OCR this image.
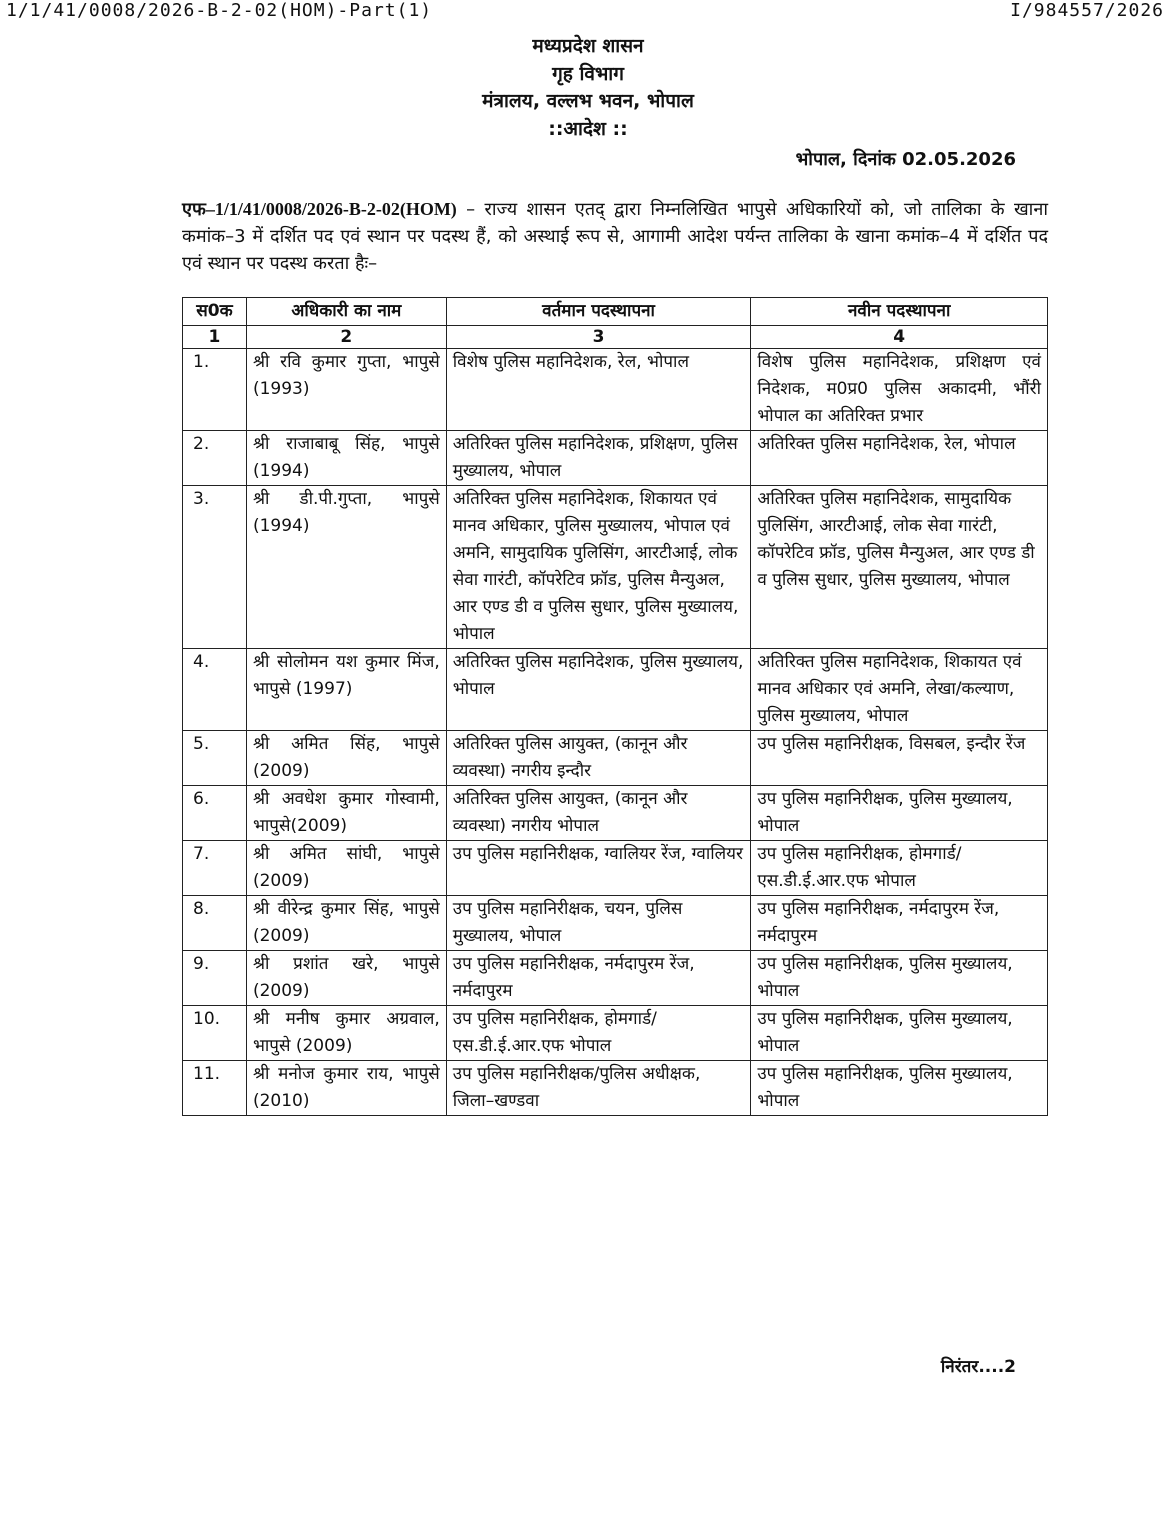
1/1/41/0008/2026-B-2-02(HOM)-Part(1)	I/984557/2026
मध्यप्रदेश शासन
गृह विभाग
मंत्रालय, वल्लभ भवन, भोपाल
::आदेश ::
भोपाल, दिनांक 02.05.2026
एफ–1/1/41/0008/2026-B-2-02(HOM) – राज्य शासन एतद् द्वारा निम्नलिखित भापुसे अधिकारियों को, जो तालिका के खाना कमांक–3 में दर्शित पद एवं स्थान पर पदस्थ हैं, को अस्थाई रूप से, आगामी आदेश पर्यन्त तालिका के खाना कमांक–4 में दर्शित पद एवं स्थान पर पदस्थ करता हैः–
स0क	अधिकारी का नाम	वर्तमान पदस्थापना	नवीन पदस्थापना
1	2	3	4
1.	श्री रवि कुमार गुप्ता, भापुसे (1993)	विशेष पुलिस महानिदेशक, रेल, भोपाल	विशेष पुलिस महानिदेशक, प्रशिक्षण एवं निदेशक, म0प्र0 पुलिस अकादमी, भौंरी भोपाल का अतिरिक्त प्रभार
2.	श्री राजाबाबू सिंह, भापुसे (1994)	अतिरिक्त पुलिस महानिदेशक, प्रशिक्षण, पुलिस मुख्यालय, भोपाल	अतिरिक्त पुलिस महानिदेशक, रेल, भोपाल
3.	श्री डी.पी.गुप्ता, भापुसे (1994)	अतिरिक्त पुलिस महानिदेशक, शिकायत एवं मानव अधिकार, पुलिस मुख्यालय, भोपाल एवं अमनि, सामुदायिक पुलिसिंग, आरटीआई, लोक सेवा गारंटी, कॉपरेटिव फ्रॉड, पुलिस मैन्युअल, आर एण्ड डी व पुलिस सुधार, पुलिस मुख्यालय, भोपाल	अतिरिक्त पुलिस महानिदेशक, सामुदायिक पुलिसिंग, आरटीआई, लोक सेवा गारंटी, कॉपरेटिव फ्रॉड, पुलिस मैन्युअल, आर एण्ड डी व पुलिस सुधार, पुलिस मुख्यालय, भोपाल
4.	श्री सोलोमन यश कुमार मिंज, भापुसे (1997)	अतिरिक्त पुलिस महानिदेशक, पुलिस मुख्यालय, भोपाल	अतिरिक्त पुलिस महानिदेशक, शिकायत एवं मानव अधिकार एवं अमनि, लेखा/कल्याण, पुलिस मुख्यालय, भोपाल
5.	श्री अमित सिंह, भापुसे (2009)	अतिरिक्त पुलिस आयुक्त, (कानून और व्यवस्था) नगरीय इन्दौर	उप पुलिस महानिरीक्षक, विसबल, इन्दौर रेंज
6.	श्री अवधेश कुमार गोस्वामी, भापुसे(2009)	अतिरिक्त पुलिस आयुक्त, (कानून और व्यवस्था) नगरीय भोपाल	उप पुलिस महानिरीक्षक, पुलिस मुख्यालय, भोपाल
7.	श्री अमित सांघी, भापुसे (2009)	उप पुलिस महानिरीक्षक, ग्वालियर रेंज, ग्वालियर	उप पुलिस महानिरीक्षक, होमगार्ड/एस.डी.ई.आर.एफ भोपाल
8.	श्री वीरेन्द्र कुमार सिंह, भापुसे (2009)	उप पुलिस महानिरीक्षक, चयन, पुलिस मुख्यालय, भोपाल	उप पुलिस महानिरीक्षक, नर्मदापुरम रेंज, नर्मदापुरम
9.	श्री प्रशांत खरे, भापुसे (2009)	उप पुलिस महानिरीक्षक, नर्मदापुरम रेंज, नर्मदापुरम	उप पुलिस महानिरीक्षक, पुलिस मुख्यालय, भोपाल
10.	श्री मनीष कुमार अग्रवाल, भापुसे (2009)	उप पुलिस महानिरीक्षक, होमगार्ड/एस.डी.ई.आर.एफ भोपाल	उप पुलिस महानिरीक्षक, पुलिस मुख्यालय, भोपाल
11.	श्री मनोज कुमार राय, भापुसे (2010)	उप पुलिस महानिरीक्षक/पुलिस अधीक्षक, जिला–खण्डवा	उप पुलिस महानिरीक्षक, पुलिस मुख्यालय, भोपाल
निरंतर....2
